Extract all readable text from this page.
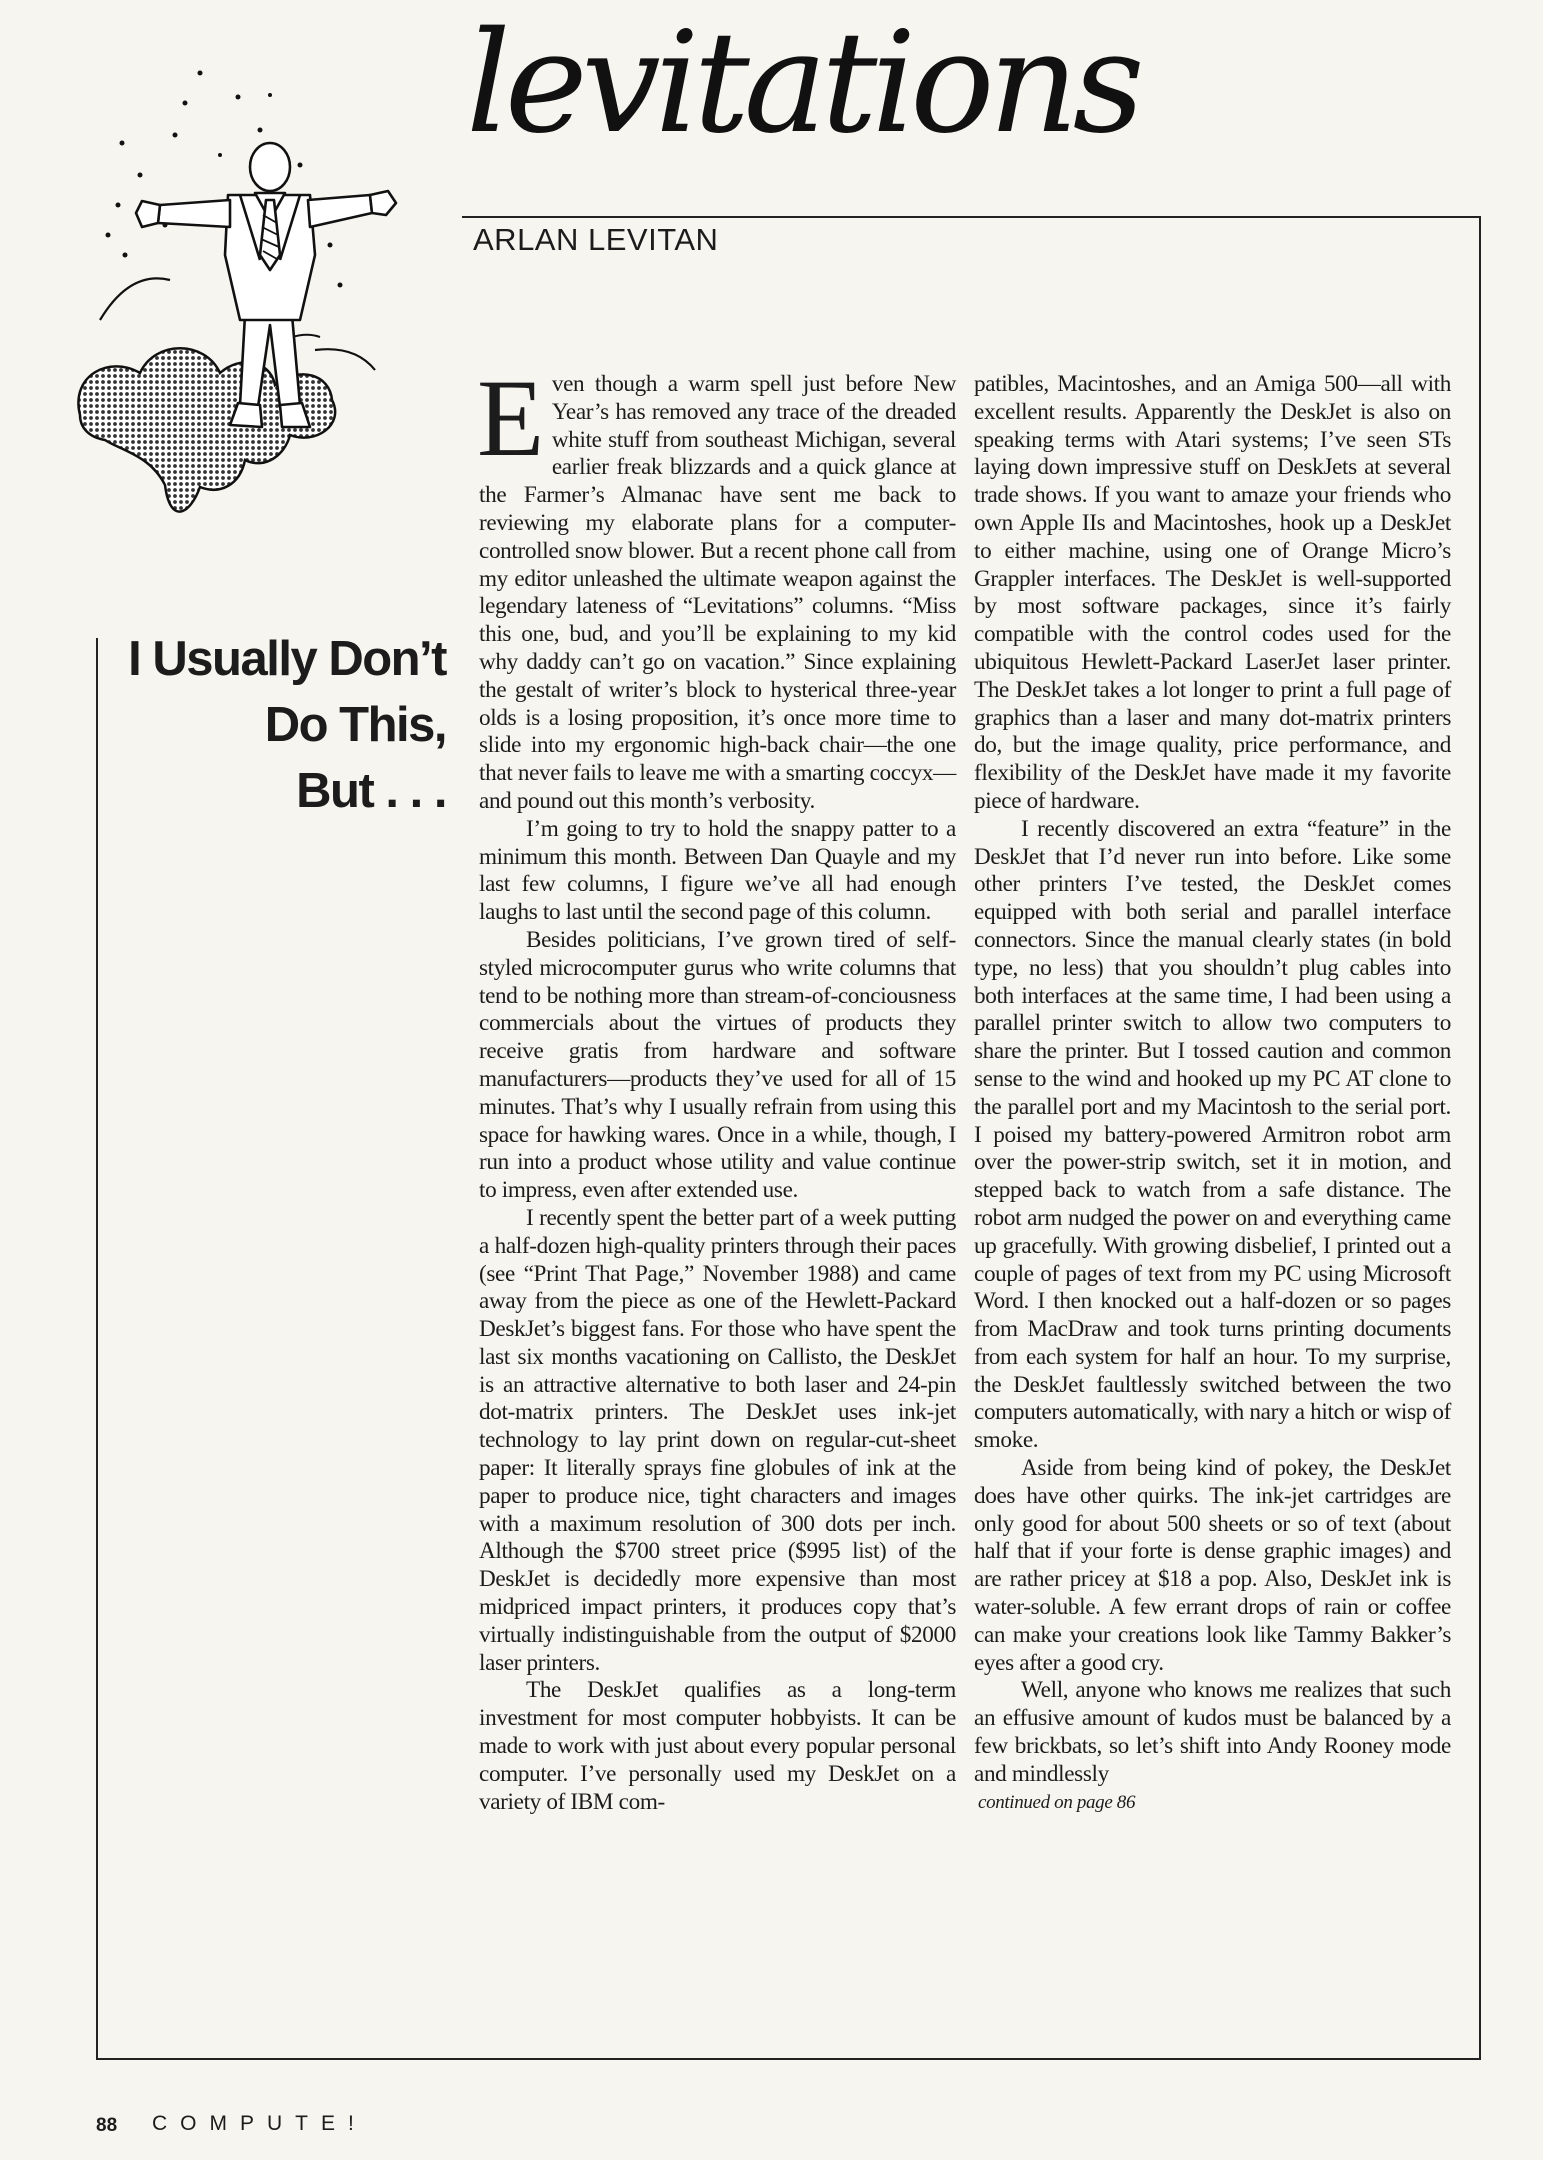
levitations
ARLAN LEVITAN
I Usually Don’t
Do This,
But . . .

Even though a warm spell just before New Year’s has removed any trace of the dreaded white stuff from southeast Michigan, several earlier freak blizzards and a quick glance at the Farmer’s Almanac have sent me back to reviewing my elaborate plans for a computer-controlled snow blower. But a recent phone call from my editor unleashed the ultimate weapon against the legendary lateness of “Levitations” columns. “Miss this one, bud, and you’ll be explaining to my kid why daddy can’t go on vacation.” Since explaining the gestalt of writer’s block to hysterical three-year olds is a losing proposition, it’s once more time to slide into my ergonomic high-back chair—the one that never fails to leave me with a smarting coccyx—and pound out this month’s verbosity.

I’m going to try to hold the snappy patter to a minimum this month. Between Dan Quayle and my last few columns, I figure we’ve all had enough laughs to last until the second page of this column.

Besides politicians, I’ve grown tired of self-styled microcomputer gurus who write columns that tend to be nothing more than stream-of-conciousness commercials about the virtues of products they receive gratis from hardware and software manufacturers—products they’ve used for all of 15 minutes. That’s why I usually refrain from using this space for hawking wares. Once in a while, though, I run into a product whose utility and value continue to impress, even after extended use.

I recently spent the better part of a week putting a half-dozen high-quality printers through their paces (see “Print That Page,” November 1988) and came away from the piece as one of the Hewlett-Packard DeskJet’s biggest fans. For those who have spent the last six months vacationing on Callisto, the DeskJet is an attractive alternative to both laser and 24-pin dot-matrix printers. The DeskJet uses ink-jet technology to lay print down on regular-cut-sheet paper: It literally sprays fine globules of ink at the paper to produce nice, tight characters and images with a maximum resolution of 300 dots per inch. Although the $700 street price ($995 list) of the DeskJet is decidedly more expensive than most midpriced impact printers, it produces copy that’s virtually indistinguishable from the output of $2000 laser printers.

The DeskJet qualifies as a long-term investment for most computer hobbyists. It can be made to work with just about every popular personal computer. I’ve personally used my DeskJet on a variety of IBM com-

patibles, Macintoshes, and an Amiga 500—all with excellent results. Apparently the DeskJet is also on speaking terms with Atari systems; I’ve seen STs laying down impressive stuff on DeskJets at several trade shows. If you want to amaze your friends who own Apple IIs and Macintoshes, hook up a DeskJet to either machine, using one of Orange Micro’s Grappler interfaces. The DeskJet is well-supported by most software packages, since it’s fairly compatible with the control codes used for the ubiquitous Hewlett-Packard LaserJet laser printer. The DeskJet takes a lot longer to print a full page of graphics than a laser and many dot-matrix printers do, but the image quality, price performance, and flexibility of the DeskJet have made it my favorite piece of hardware.

I recently discovered an extra “feature” in the DeskJet that I’d never run into before. Like some other printers I’ve tested, the DeskJet comes equipped with both serial and parallel interface connectors. Since the manual clearly states (in bold type, no less) that you shouldn’t plug cables into both interfaces at the same time, I had been using a parallel printer switch to allow two computers to share the printer. But I tossed caution and common sense to the wind and hooked up my PC AT clone to the parallel port and my Macintosh to the serial port. I poised my battery-powered Armitron robot arm over the power-strip switch, set it in motion, and stepped back to watch from a safe distance. The robot arm nudged the power on and everything came up gracefully. With growing disbelief, I printed out a couple of pages of text from my PC using Microsoft Word. I then knocked out a half-dozen or so pages from MacDraw and took turns printing documents from each system for half an hour. To my surprise, the DeskJet faultlessly switched between the two computers automatically, with nary a hitch or wisp of smoke.

Aside from being kind of pokey, the DeskJet does have other quirks. The ink-jet cartridges are only good for about 500 sheets or so of text (about half that if your forte is dense graphic images) and are rather pricey at $18 a pop. Also, DeskJet ink is water-soluble. A few errant drops of rain or coffee can make your creations look like Tammy Bakker’s eyes after a good cry.

Well, anyone who knows me realizes that such an effusive amount of kudos must be balanced by a few brickbats, so let’s shift into Andy Rooney mode and mindlessly

continued on page 86
88 COMPUTE!
